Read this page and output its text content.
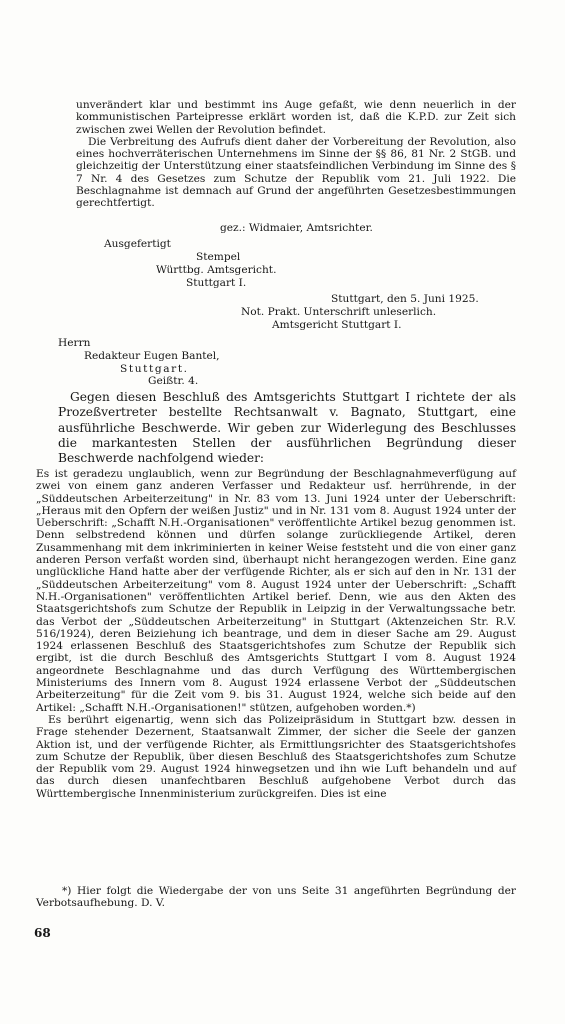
unverändert klar und bestimmt ins Auge gefaßt, wie denn neuerlich in der kommunistischen Parteipresse erklärt worden ist, daß die K.P.D. zur Zeit sich zwischen zwei Wellen der Revolution befindet.

Die Verbreitung des Aufrufs dient daher der Vorbereitung der Revolution, also eines hochverräterischen Unternehmens im Sinne der §§ 86, 81 Nr. 2 StGB. und gleichzeitig der Unterstützung einer staatsfeindlichen Verbindung im Sinne des § 7 Nr. 4 des Gesetzes zum Schutze der Republik vom 21. Juli 1922. Die Beschlagnahme ist demnach auf Grund der angeführten Gesetzesbestimmungen gerechtfertigt.

gez.: Widmaier, Amtsrichter.
Ausgefertigt
Stempel
Württbg. Amtsgericht.
Stuttgart I.
Stuttgart, den 5. Juni 1925.
Not. Prakt. Unterschrift unleserlich.
Amtsgericht Stuttgart I.
Herrn
Redakteur Eugen Bantel,
Stuttgart.
Geißtr. 4.

Gegen diesen Beschluß des Amtsgerichts Stuttgart I richtete der als Prozeßvertreter bestellte Rechtsanwalt v. Bagnato, Stuttgart, eine ausführliche Beschwerde. Wir geben zur Widerlegung des Beschlusses die markantesten Stellen der ausführlichen Begründung dieser Beschwerde nachfolgend wieder:

Es ist geradezu unglaublich, wenn zur Begründung der Beschlagnahmeverfügung auf zwei von einem ganz anderen Verfasser und Redakteur usf. herrührende, in der „Süddeutschen Arbeiterzeitung" in Nr. 83 vom 13. Juni 1924 unter der Ueberschrift: „Heraus mit den Opfern der weißen Justiz" und in Nr. 131 vom 8. August 1924 unter der Ueberschrift: „Schafft N.H.-Organisationen" veröffentlichte Artikel bezug genommen ist. Denn selbstredend können und dürfen solange zurückliegende Artikel, deren Zusammenhang mit dem inkriminierten in keiner Weise feststeht und die von einer ganz anderen Person verfaßt worden sind, überhaupt nicht herangezogen werden. Eine ganz unglückliche Hand hatte aber der verfügende Richter, als er sich auf den in Nr. 131 der „Süddeutschen Arbeiterzeitung" vom 8. August 1924 unter der Ueberschrift: „Schafft N.H.-Organisationen" veröffentlichten Artikel berief. Denn, wie aus den Akten des Staatsgerichtshofs zum Schutze der Republik in Leipzig in der Verwaltungssache betr. das Verbot der „Süddeutschen Arbeiterzeitung" in Stuttgart (Aktenzeichen Str. R.V. 516/1924), deren Beiziehung ich beantrage, und dem in dieser Sache am 29. August 1924 erlassenen Beschluß des Staatsgerichtshofes zum Schutze der Republik sich ergibt, ist die durch Beschluß des Amtsgerichts Stuttgart I vom 8. August 1924 angeordnete Beschlagnahme und das durch Verfügung des Württembergischen Ministeriums des Innern vom 8. August 1924 erlassene Verbot der „Süddeutschen Arbeiterzeitung" für die Zeit vom 9. bis 31. August 1924, welche sich beide auf den Artikel: „Schafft N.H.-Organisationen!" stützen, aufgehoben worden.*)

Es berührt eigenartig, wenn sich das Polizeipräsidum in Stuttgart bzw. dessen in Frage stehender Dezernent, Staatsanwalt Zimmer, der sicher die Seele der ganzen Aktion ist, und der verfügende Richter, als Ermittlungsrichter des Staatsgerichtshofes zum Schutze der Republik, über diesen Beschluß des Staatsgerichtshofes zum Schutze der Republik vom 29. August 1924 hinwegsetzen und ihn wie Luft behandeln und auf das durch diesen unanfechtbaren Beschluß aufgehobene Verbot durch das Württembergische Innenministerium zurückgreifen. Dies ist eine

*) Hier folgt die Wiedergabe der von uns Seite 31 angeführten Begründung der Verbotsaufhebung. D. V.

68
